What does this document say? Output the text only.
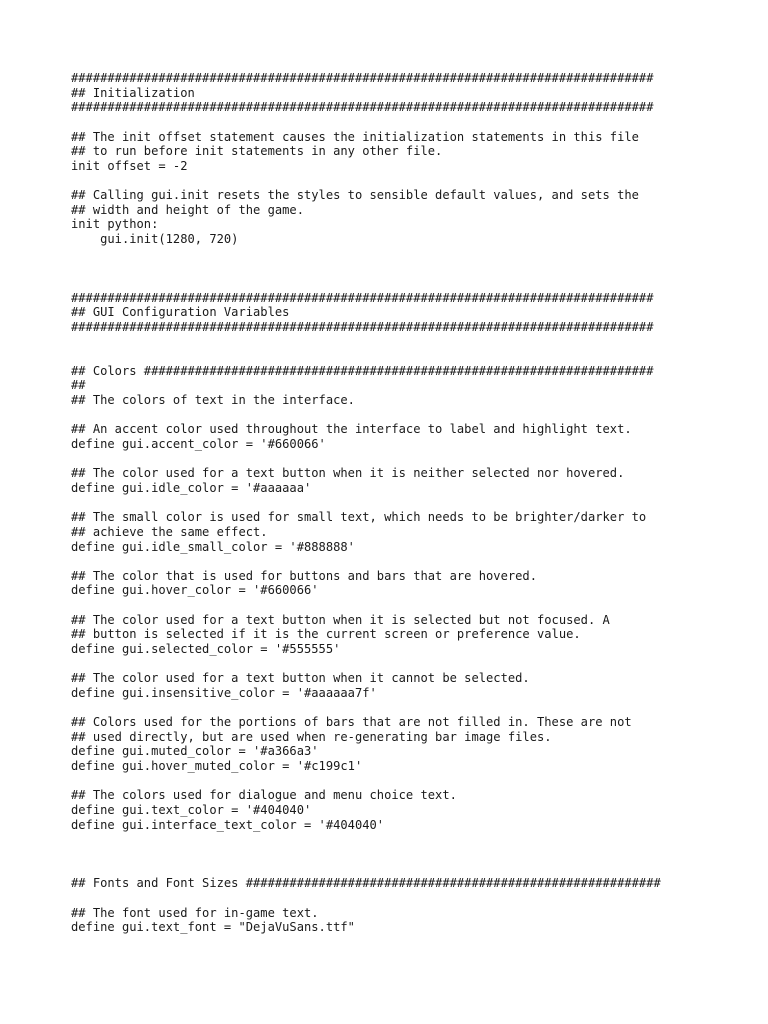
################################################################################
## Initialization
################################################################################
## The init offset statement causes the initialization statements in this file
## to run before init statements in any other file.
init offset = -2
## Calling gui.init resets the styles to sensible default values, and sets the
## width and height of the game.
init python:
gui.init(1280, 720)
################################################################################
## GUI Configuration Variables
################################################################################
## Colors ######################################################################
##
## The colors of text in the interface.
## An accent color used throughout the interface to label and highlight text.
define gui.accent_color = '#660066'
## The color used for a text button when it is neither selected nor hovered.
define gui.idle_color = '#aaaaaa'
## The small color is used for small text, which needs to be brighter/darker to
## achieve the same effect.
define gui.idle_small_color = '#888888'
## The color that is used for buttons and bars that are hovered.
define gui.hover_color = '#660066'
## The color used for a text button when it is selected but not focused. A
## button is selected if it is the current screen or preference value.
define gui.selected_color = '#555555'
## The color used for a text button when it cannot be selected.
define gui.insensitive_color = '#aaaaaa7f'
## Colors used for the portions of bars that are not filled in. These are not
## used directly, but are used when re-generating bar image files.
define gui.muted_color = '#a366a3'
define gui.hover_muted_color = '#c199c1'
## The colors used for dialogue and menu choice text.
define gui.text_color = '#404040'
define gui.interface_text_color = '#404040'
## Fonts and Font Sizes #########################################################
## The font used for in-game text.
define gui.text_font = "DejaVuSans.ttf"
